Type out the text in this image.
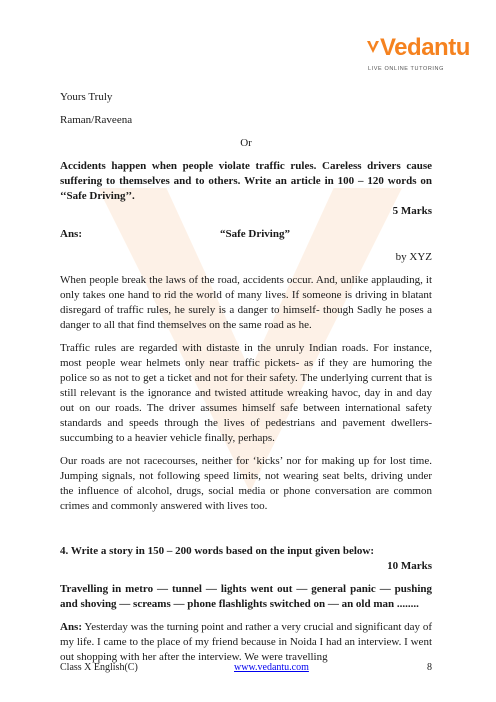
Vedantu
LIVE ONLINE TUTORING

Yours Truly

Raman/Raveena

Or

Accidents happen when people violate traffic rules. Careless drivers cause suffering to themselves and to others. Write an article in 100 – 120 words on ‘‘Safe Driving’’.

5 Marks

Ans:	“Safe Driving”

by XYZ

When people break the laws of the road, accidents occur. And, unlike applauding, it only takes one hand to rid the world of many lives. If someone is driving in blatant disregard of traffic rules, he surely is a danger to himself- though Sadly he poses a danger to all that find themselves on the same road as he.

Traffic rules are regarded with distaste in the unruly Indian roads. For instance, most people wear helmets only near traffic pickets- as if they are humoring the police so as not to get a ticket and not for their safety. The underlying current that is still relevant is the ignorance and twisted attitude wreaking havoc, day in and day out on our roads. The driver assumes himself safe between international safety standards and speeds through the lives of pedestrians and pavement dwellers- succumbing to a heavier vehicle finally, perhaps.

Our roads are not racecourses, neither for ‘kicks’ nor for making up for lost time. Jumping signals, not following speed limits, not wearing seat belts, driving under the influence of alcohol, drugs, social media or phone conversation are common crimes and commonly answered with lives too.

4. Write a story in 150 – 200 words based on the input given below:

10 Marks

Travelling in metro — tunnel — lights went out — general panic — pushing and shoving — screams — phone flashlights switched on — an old man ........

Ans: Yesterday was the turning point and rather a very crucial and significant day of my life. I came to the place of my friend because in Noida I had an interview. I went out shopping with her after the interview. We were travelling

Class X English(C)	www.vedantu.com	8
